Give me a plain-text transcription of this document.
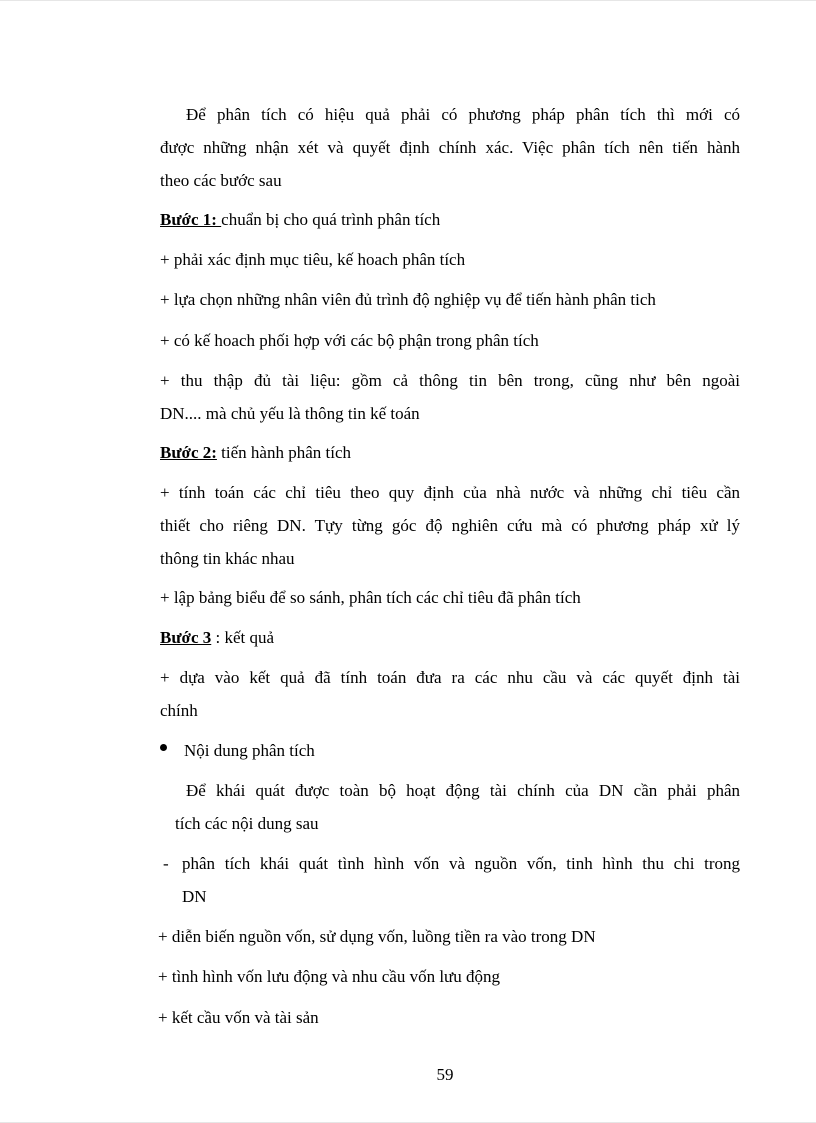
Để phân tích có hiệu quả phải có phương pháp phân tích thì mới có

được những nhận xét và quyết định chính xác. Việc phân tích nên tiến hành

theo các bước sau

Bước 1: chuẩn bị cho quá trình phân tích

+ phải xác định mục tiêu, kế hoach phân tích

+ lựa chọn những nhân viên đủ trình độ nghiệp vụ để tiến hành phân tich

+ có kế hoach phối hợp với các bộ phận trong phân tích

+ thu thập đủ tài liệu: gồm cả thông tin bên trong, cũng như bên ngoài

DN.... mà chủ yếu là thông tin kế toán

Bước 2: tiến hành phân tích

+ tính toán các chỉ tiêu theo quy định của nhà nước và những chỉ tiêu cần

thiết cho riêng DN. Tựy từng góc độ nghiên cứu mà có phương pháp xử lý

thông tin khác nhau

+ lập bảng biểu để so sánh, phân tích các chỉ tiêu đã phân tích

Bước 3 : kết quả

+ dựa vào kết quả đã tính toán đưa ra các nhu cầu và các quyết định tài

chính

Nội dung phân tích

Để khái quát được toàn bộ hoạt động tài chính của DN cần phải phân

tích các nội dung sau

- phân tích khái quát tình hình vốn và nguồn vốn, tinh hình thu chi trong

DN

+ diễn biến nguồn vốn, sử dụng vốn, luồng tiền ra vào trong DN

+ tình hình vốn lưu động và nhu cầu vốn lưu động

+ kết cầu vốn và tài sản

59
